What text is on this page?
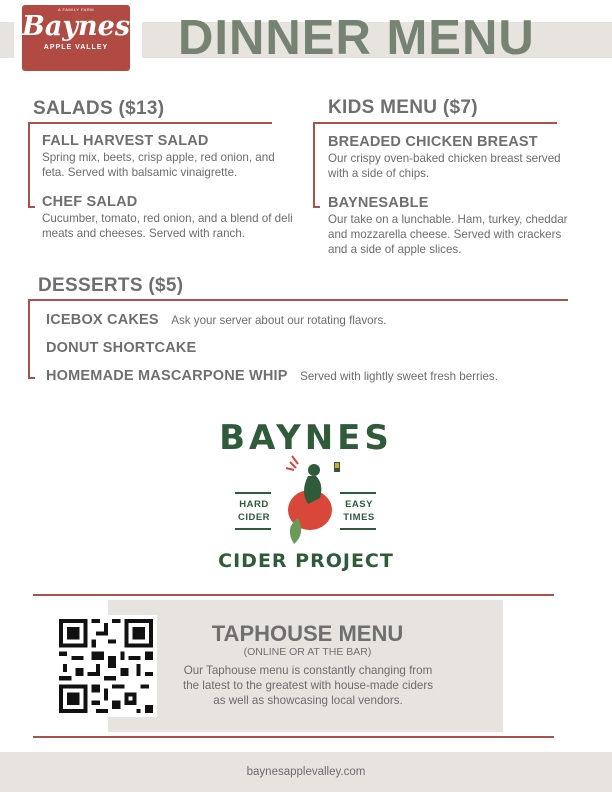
DINNER MENU
A FAMILY FARM
Baynes
APPLE VALLEY
SALADS ($13)
FALL HARVEST SALAD
Spring mix, beets, crisp apple, red onion, and feta. Served with balsamic vinaigrette.
CHEF SALAD
Cucumber, tomato, red onion, and a blend of deli meats and cheeses. Served with ranch.
KIDS MENU ($7)
BREADED CHICKEN BREAST
Our crispy oven-baked chicken breast served with a side of chips.
BAYNESABLE
Our take on a lunchable. Ham, turkey, cheddar and mozzarella cheese. Served with crackers and a side of apple slices.
DESSERTS ($5)
ICEBOX CAKES Ask your server about our rotating flavors.
DONUT SHORTCAKE
HOMEMADE MASCARPONE WHIP Served with lightly sweet fresh berries.
BAYNES
HARD
CIDER
EASY
TIMES
CIDER PROJECT
TAPHOUSE MENU
(ONLINE OR AT THE BAR)
Our Taphouse menu is constantly changing from the latest to the greatest with house-made ciders as well as showcasing local vendors.
baynesapplevalley.com
